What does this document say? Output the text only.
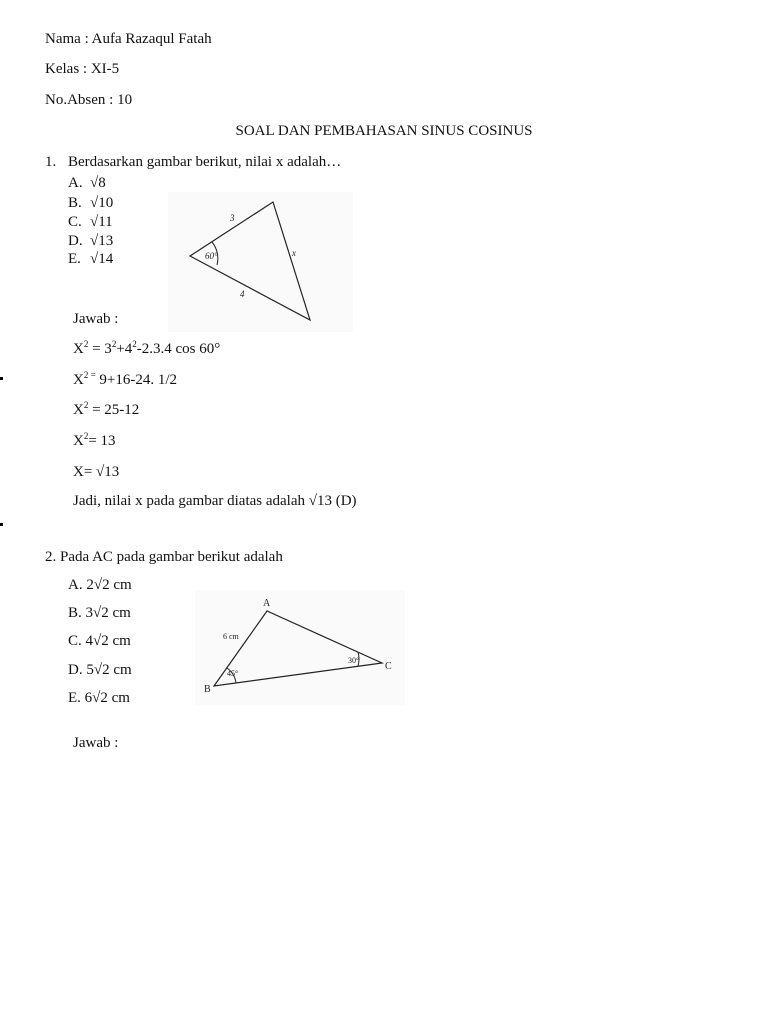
Nama : Aufa Razaqul Fatah
Kelas : XI-5
No.Absen : 10
SOAL DAN PEMBAHASAN SINUS COSINUS
1. Berdasarkan gambar berikut, nilai x adalah…
A. √8
B. √10
C. √11
D. √13
E. √14
3
4
x
60°
Jawab :
$X^2 = 3^2+4^2-2.3.4$ cos 60°
$X^{2 =}$ 9+16-24. 1/2
$X^2 = 25-12$
$X^2= 13$
X= √13
Jadi, nilai x pada gambar diatas adalah √13 (D)
2. Pada AC pada gambar berikut adalah
A. 2√2 cm
B. 3√2 cm
C. 4√2 cm
D. 5√2 cm
E. 6√2 cm
A
B
C
6 cm
45°
30°
Jawab :
